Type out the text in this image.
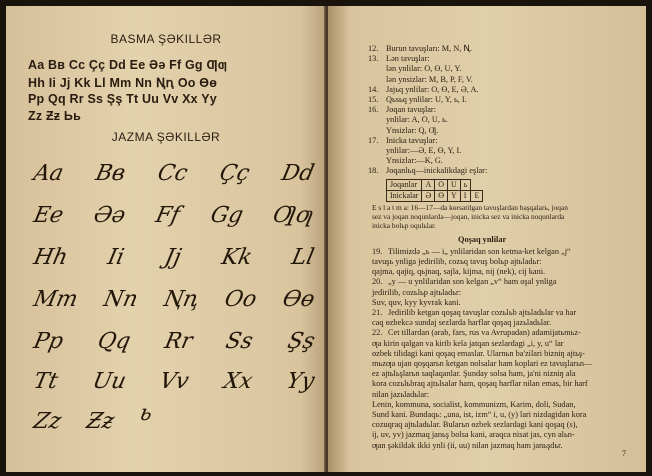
BASMA ŞƏKILLƏR
Aa Bв Cc Çç Dd Ee Əə Ff Gg Ƣƣ
Hh Ii Jj Kk Ll Mm Nn Ꞑꞑ Oo Ɵɵ
Pp Qq Rr Ss Şş Tt Uu Vv Xx Yy
Zz Ƶƶ Ьь
JAZMA ŞƏKILLƏR
Aa Bв Cc Çç Dd
Ee Əə Ff Gg Ƣƣ
Hh Ii Jj Kk Ll
Mm Nn Ꞑꞑ Oo Ɵɵ
Pp Qq Rr Ss Şş
Tt Uu Vv Xx Yy
Zz Ƶƶ ь
12. Burun tavuşları: M, N, Ꞑ.
13. Lən tavuşlar:
lən ynlilar: O, Ɵ, U, Y.
lən ynsizlar: M, B, P, F, V.
14. Jajьq ynlilar: O, Ɵ, E, Ə, A.
15. Qьsьq ynlilar: U, Y, ь, I.
16. Joqan tavuşlar:
ynlilar: A, O, U, ь.
Ynsizlar: Q, Ƣ.
17. Inicka tavuşlar:
ynlilar:—Ə, E, Ɵ, Y, I.
Ynsizlar:—K, G.
18. Joqanlьq—inickalikdagi eşlar:
Joqanlar	A	O	U	ь	
Inickalar	Ə	Ɵ	Y	I	E
E s l a t m a: 16—17—da kɵrsatilgan tavuşlardan başqalarь, joqan
sez va joqan noqunlarda—joqan, inicka sez va inicka noqunlarda
inicka bolьp oqulьlar.
Qoşaq ynlilar
19. Tilimizdə „ь — i„ ynlilaridan son ketma-ket kelgan „j“
tavuşь ynliga jedirilib, cozьq tavuş bolьp ajtьladьr:
qajma, qajiq, qьjnaq, sajla, kijma, nij (nek), cij kani.
20. „y — u ynlilaridan son kelgan „v“ ham oşal ynliga
jedirilib, cozьlьp ajtьladьr:
Suv, quv, kyy kyvrak kani.
21. Jedirilib ketgan qoşaq tavuşlar cozьlьb ajtьladьlar va har
caq ɵzbekcə sundaj sezlarda harflar qoşaq jazьladьlar.
22. Cet tillardan (arab, fars, rus va Avrupadan) adamijatьmьz-
ƣa kirin qalgan va kirib kela jatqan sezlardagi „i, y, u“ lar
ɵzbek tilidagi kani qoşaq emaslar. Ularnьn ba'zilari bizniŋ ajtьş-
mьzƣa ujan qoşqarьn ketgan nolsalar ham koplari ez tavuşlarьn—
ez ajtьlьşlarьn saqlaqanlar. Şunday solsa ham, ja'ni nizniŋ ala
kora cozьlьbraq ajtьlsalar ham, qoşaq harflar nilan emas, bir harf
nilan jazьladьlar:
Lenin, kommuna, socialist, kommunizm, Karim, doli, Sudan,
Sund kani. Bundaqь: „una, ist, izm“ i, u, (y) lari nizdagidan kora
cozuqraq ajtьladьlar. Bularьn ɵzbek sezlardagi kani qoşaq (s),
ij, uv, yv) jazmaq janьş bolsa kani, araqca nisat jas, cyn alьn-
ƣan şəkildək ikki ynli (ii, uu) nilan jazmaq ham janьşdьr.
7
